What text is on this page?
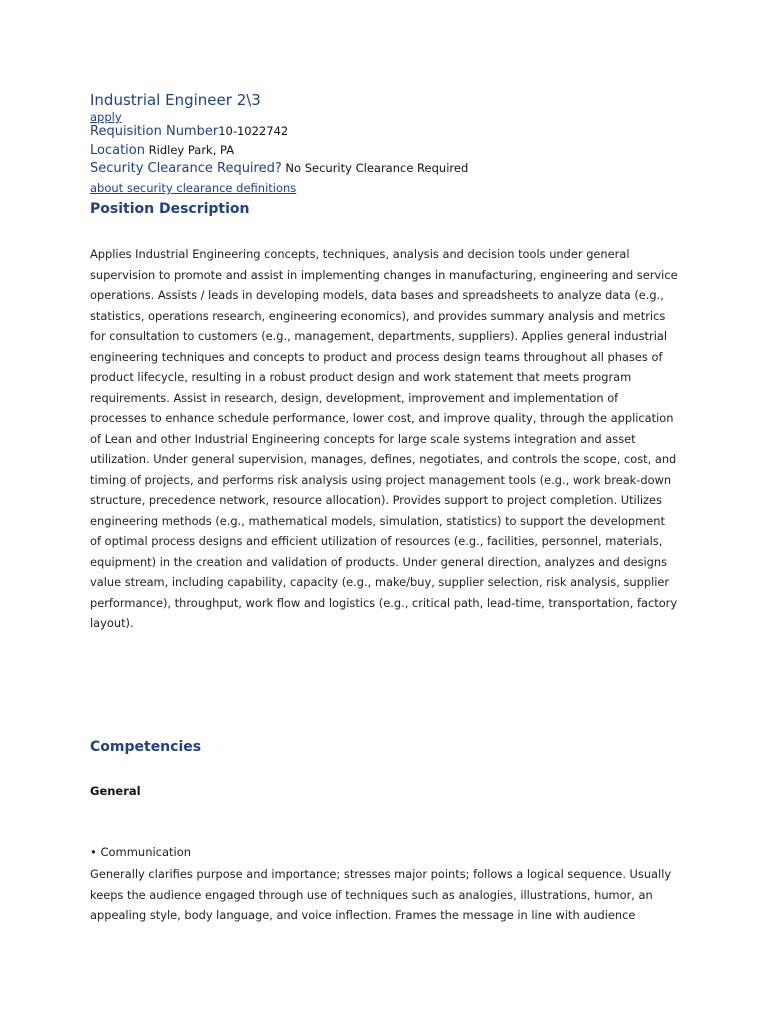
Industrial Engineer 2\3
apply
Requisition Number10-1022742
Location Ridley Park, PA
Security Clearance Required? No Security Clearance Required
about security clearance definitions
Position Description
Applies Industrial Engineering concepts, techniques, analysis and decision tools under general supervision to promote and assist in implementing changes in manufacturing, engineering and service operations. Assists / leads in developing models, data bases and spreadsheets to analyze data (e.g., statistics, operations research, engineering economics), and provides summary analysis and metrics for consultation to customers (e.g., management, departments, suppliers). Applies general industrial engineering techniques and concepts to product and process design teams throughout all phases of product lifecycle, resulting in a robust product design and work statement that meets program requirements. Assist in research, design, development, improvement and implementation of processes to enhance schedule performance, lower cost, and improve quality, through the application of Lean and other Industrial Engineering concepts for large scale systems integration and asset utilization. Under general supervision, manages, defines, negotiates, and controls the scope, cost, and timing of projects, and performs risk analysis using project management tools (e.g., work break-down structure, precedence network, resource allocation). Provides support to project completion. Utilizes engineering methods (e.g., mathematical models, simulation, statistics) to support the development of optimal process designs and efficient utilization of resources (e.g., facilities, personnel, materials, equipment) in the creation and validation of products. Under general direction, analyzes and designs value stream, including capability, capacity (e.g., make/buy, supplier selection, risk analysis, supplier performance), throughput, work flow and logistics (e.g., critical path, lead-time, transportation, factory layout).
Competencies
General
• Communication
Generally clarifies purpose and importance; stresses major points; follows a logical sequence. Usually keeps the audience engaged through use of techniques such as analogies, illustrations, humor, an appealing style, body language, and voice inflection. Frames the message in line with audience
